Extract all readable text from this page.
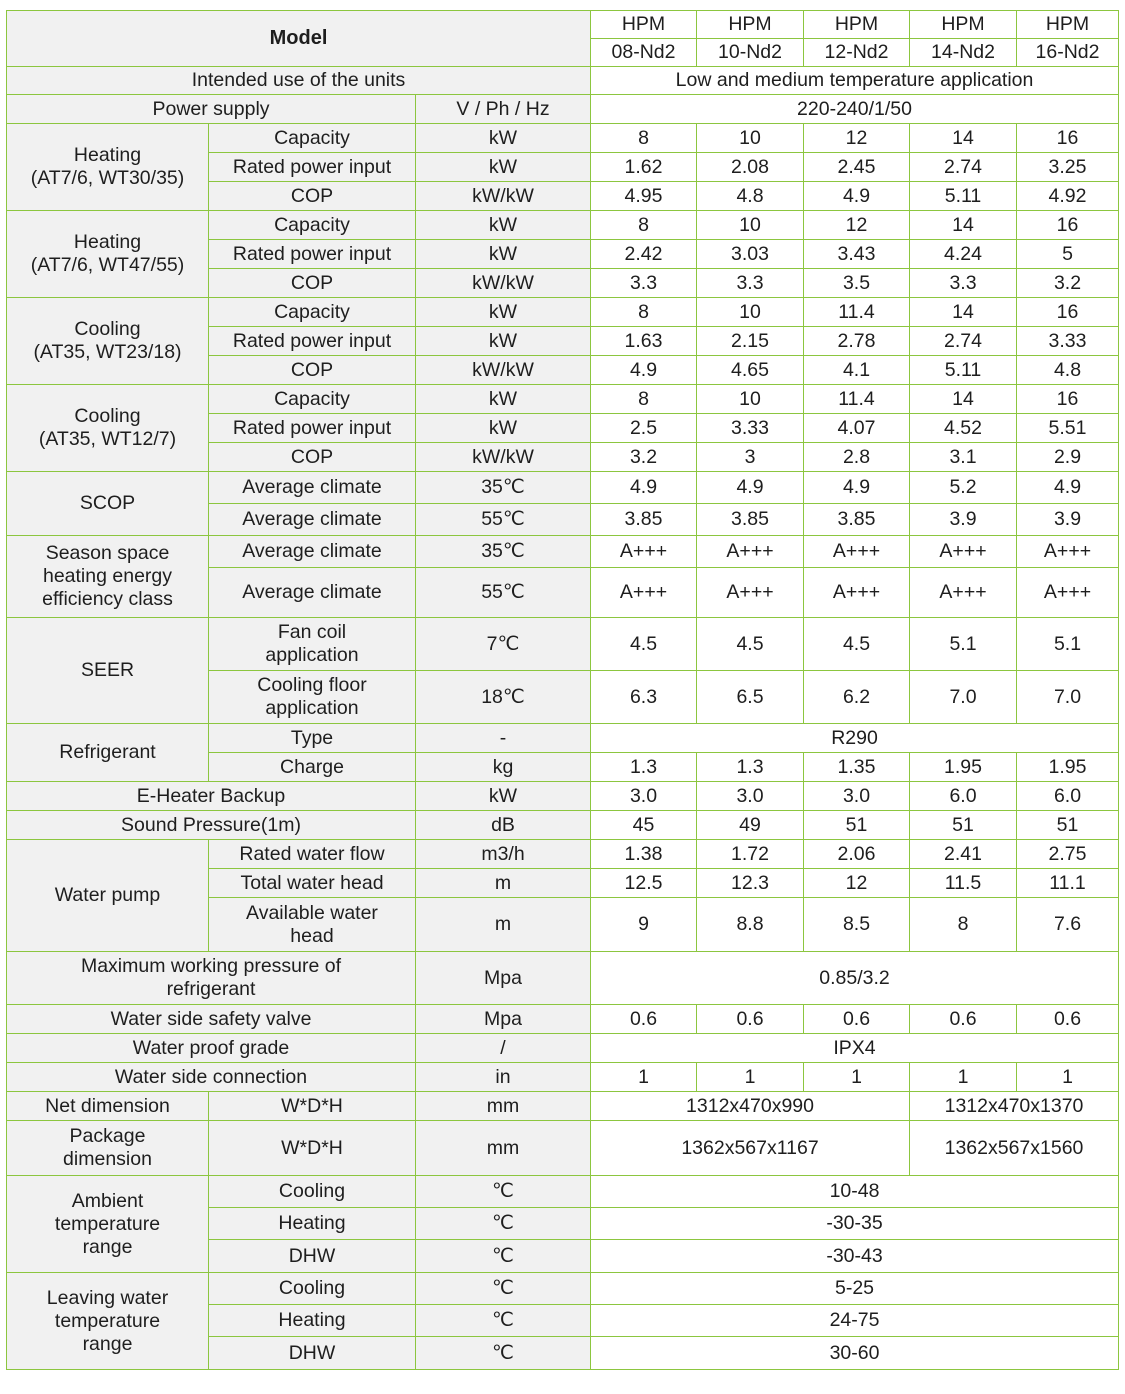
Model			HPM	HPM	HPM	HPM	HPM
			08-Nd2	10-Nd2	12-Nd2	14-Nd2	16-Nd2
Intended use of the units			Low and medium temperature application				
Power supply		V / Ph / Hz	220-240/1/50				
Heating
(AT7/6, WT30/35)	Capacity	kW	8	10	12	14	16
	Rated power input	kW	1.62	2.08	2.45	2.74	3.25
	COP	kW/kW	4.95	4.8	4.9	5.11	4.92
Heating
(AT7/6, WT47/55)	Capacity	kW	8	10	12	14	16
	Rated power input	kW	2.42	3.03	3.43	4.24	5
	COP	kW/kW	3.3	3.3	3.5	3.3	3.2
Cooling
(AT35, WT23/18)	Capacity	kW	8	10	11.4	14	16
	Rated power input	kW	1.63	2.15	2.78	2.74	3.33
	COP	kW/kW	4.9	4.65	4.1	5.11	4.8
Cooling
(AT35, WT12/7)	Capacity	kW	8	10	11.4	14	16
	Rated power input	kW	2.5	3.33	4.07	4.52	5.51
	COP	kW/kW	3.2	3	2.8	3.1	2.9
SCOP	Average climate	35℃	4.9	4.9	4.9	5.2	4.9
	Average climate	55℃	3.85	3.85	3.85	3.9	3.9
Season space
heating energy
efficiency class	Average climate	35℃	A+++	A+++	A+++	A+++	A+++
	Average climate	55℃	A+++	A+++	A+++	A+++	A+++
SEER	Fan coil
application	7℃	4.5	4.5	4.5	5.1	5.1
	Cooling floor
application	18℃	6.3	6.5	6.2	7.0	7.0
Refrigerant	Type	-	R290				
	Charge	kg	1.3	1.3	1.35	1.95	1.95
E-Heater Backup		kW	3.0	3.0	3.0	6.0	6.0
Sound Pressure(1m)		dB	45	49	51	51	51
Water pump	Rated water flow	m3/h	1.38	1.72	2.06	2.41	2.75
	Total water head	m	12.5	12.3	12	11.5	11.1
	Available water
head	m	9	8.8	8.5	8	7.6
Maximum working pressure of
refrigerant		Mpa	0.85/3.2				
Water side safety valve		Mpa	0.6	0.6	0.6	0.6	0.6
Water proof grade		/	IPX4				
Water side connection		in	1	1	1	1	1
Net dimension	W*D*H	mm	1312x470x990			1312x470x1370	
Package
dimension	W*D*H	mm	1362x567x1167			1362x567x1560	
Ambient
temperature
range	Cooling	℃	10-48				
	Heating	℃	-30-35				
	DHW	℃	-30-43				
Leaving water
temperature
range	Cooling	℃	5-25				
	Heating	℃	24-75				
	DHW	℃	30-60				
